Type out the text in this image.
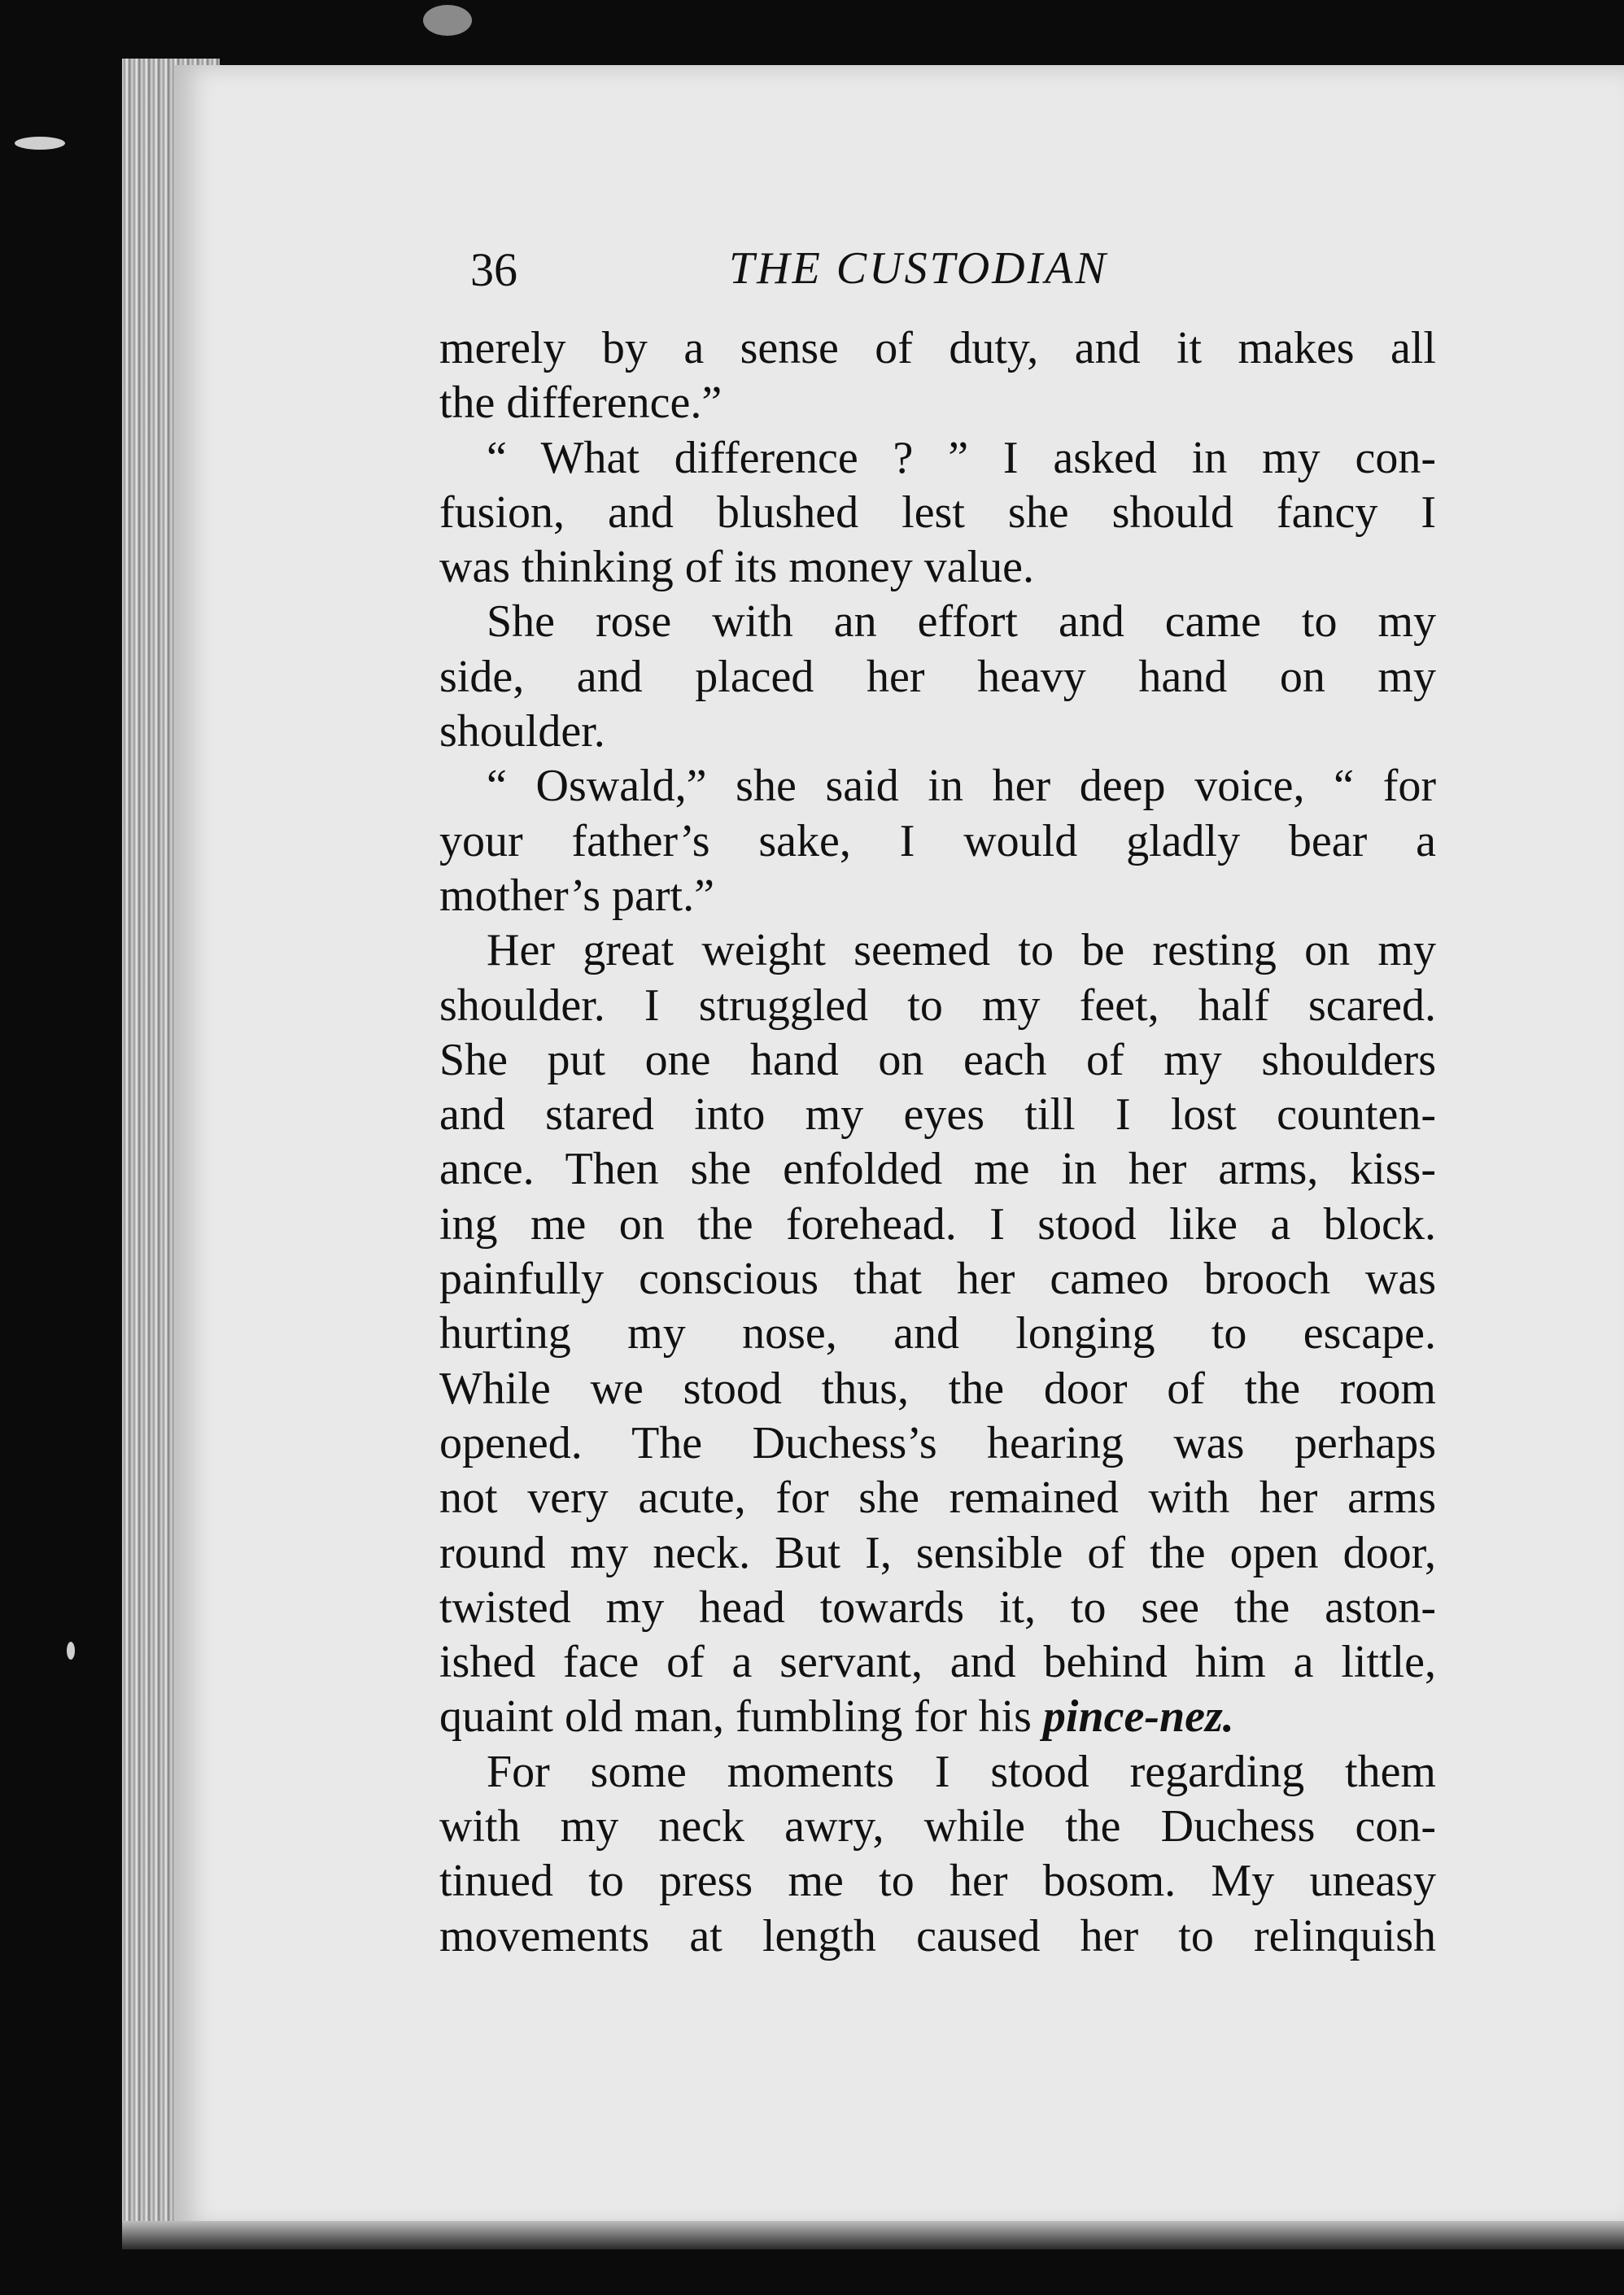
36	THE CUSTODIAN
merely by a sense of duty, and it makes all
the difference.”
“ What difference ? ” I asked in my con-
fusion, and blushed lest she should fancy I
was thinking of its money value.
She rose with an effort and came to my
side, and placed her heavy hand on my
shoulder.
“ Oswald,” she said in her deep voice, “ for
your father’s sake, I would gladly bear a
mother’s part.”
Her great weight seemed to be resting on my
shoulder. I struggled to my feet, half scared.
She put one hand on each of my shoulders
and stared into my eyes till I lost counten-
ance. Then she enfolded me in her arms, kiss-
ing me on the forehead. I stood like a block.
painfully conscious that her cameo brooch was
hurting my nose, and longing to escape.
While we stood thus, the door of the room
opened. The Duchess’s hearing was perhaps
not very acute, for she remained with her arms
round my neck. But I, sensible of the open door,
twisted my head towards it, to see the aston-
ished face of a servant, and behind him a little,
quaint old man, fumbling for his pince-nez.
For some moments I stood regarding them
with my neck awry, while the Duchess con-
tinued to press me to her bosom. My uneasy
movements at length caused her to relinquish
